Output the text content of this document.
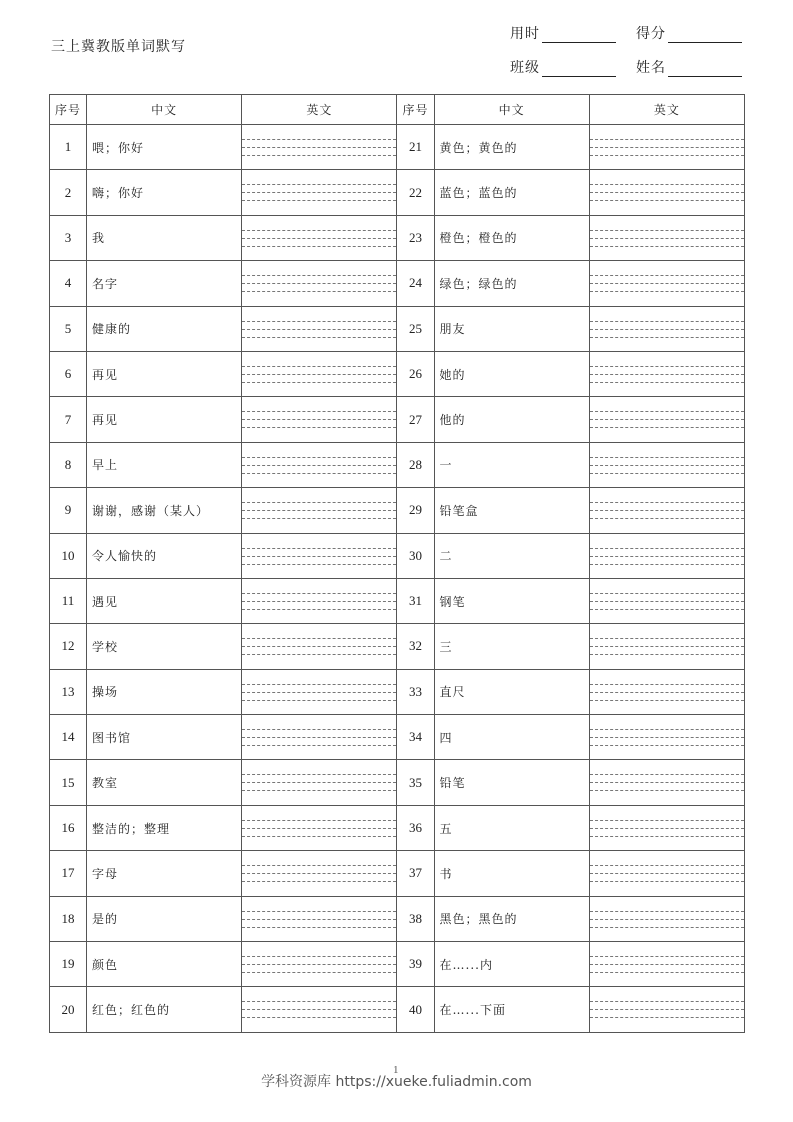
三上冀教版单词默写
用时	得分
班级	姓名
序号	中文	英文	序号	中文	英文
1	喂；你好		21	黄色；黄色的	

2	嗨；你好		22	蓝色；蓝色的	

3	我		23	橙色；橙色的	

4	名字		24	绿色；绿色的	

5	健康的		25	朋友	

6	再见		26	她的	

7	再见		27	他的	

8	早上		28	一	

9	谢谢，感谢（某人）		29	铅笔盒	

10	令人愉快的		30	二	

11	遇见		31	钢笔	

12	学校		32	三	

13	操场		33	直尺	

14	图书馆		34	四	

15	教室		35	铅笔	

16	整洁的；整理		36	五	

17	字母		37	书	

18	是的		38	黑色；黑色的	

19	颜色		39	在…...内	

20	红色；红色的		40	在…...下面	
1
学科资源库 https://xueke.fuliadmin.com
